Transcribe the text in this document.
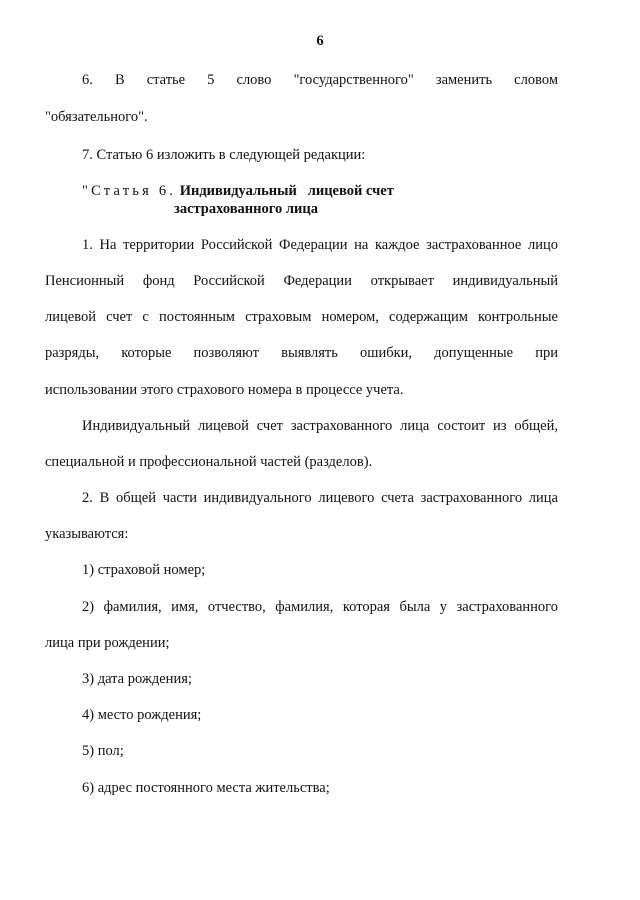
6
6. В статье 5 слово "государственного" заменить словом
"обязательного".
7. Статью 6 изложить в следующей редакции:
"Статья 6. Индивидуальный   лицевой счет
застрахованного лица
1. На территории Российской Федерации на каждое застрахованное лицо
Пенсионный фонд Российской Федерации открывает индивидуальный
лицевой счет с постоянным страховым номером, содержащим контрольные
разряды, которые позволяют выявлять ошибки, допущенные при
использовании этого страхового номера в процессе учета.
Индивидуальный лицевой счет застрахованного лица состоит из общей,
специальной и профессиональной частей (разделов).
2. В общей части индивидуального лицевого счета застрахованного лица
указываются:
1) страховой номер;
2) фамилия, имя, отчество, фамилия, которая была у застрахованного
лица при рождении;
3) дата рождения;
4) место рождения;
5) пол;
6) адрес постоянного места жительства;
